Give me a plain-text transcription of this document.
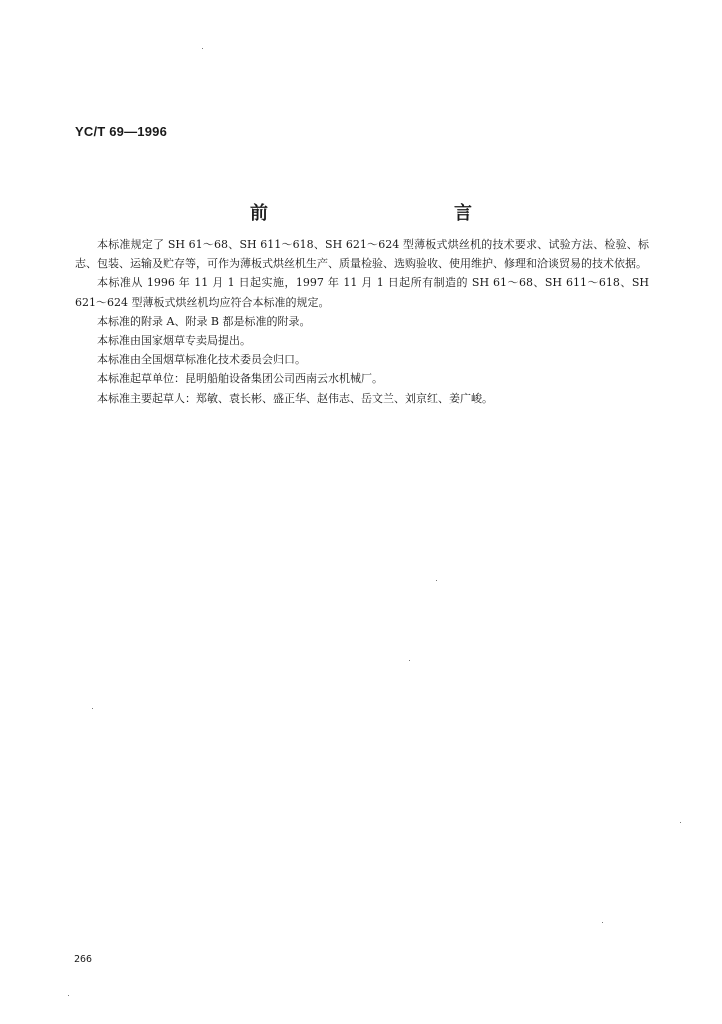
YC/T 69—1996
前　　言

本标准规定了 SH 61～68、SH 611～618、SH 621～624 型薄板式烘丝机的技术要求、试验方法、检验、标志、包装、运输及贮存等，可作为薄板式烘丝机生产、质量检验、选购验收、使用维护、修理和洽谈贸易的技术依据。

本标准从 1996 年 11 月 1 日起实施，1997 年 11 月 1 日起所有制造的 SH 61～68、SH 611～618、SH 621～624 型薄板式烘丝机均应符合本标准的规定。

本标准的附录 A、附录 B 都是标准的附录。

本标准由国家烟草专卖局提出。

本标准由全国烟草标准化技术委员会归口。

本标准起草单位：昆明船舶设备集团公司西南云水机械厂。

本标准主要起草人：郑敏、袁长彬、盛正华、赵伟志、岳文兰、刘京红、姜广峻。

266
